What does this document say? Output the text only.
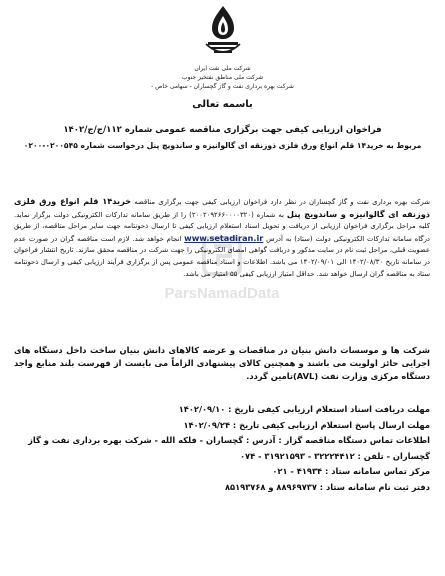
شرکت ملی نفت ایران
شرکت ملی مناطق نفتخیز جنوب
شرکت بهره برداری نفت و گاز گچساران - سهامی خاص -
باسمه تعالی
فراخوان ارزیابی کیفی جهت برگزاری مناقصه عمومی شماره ۱۱۲/ج/ج/۱۴۰۲
مربوط به خرید۱۴ قلم انواع ورق فلزی ذوزنقه ای گالوانیزه و ساندویچ پنل درخواست شماره ۰۲۰۰۵۴۵-۰۲۰۰
ParsNamadData
شرکت بهره برداری نفت و گاز گچساران در نظر دارد فراخوان ارزیابی کیفی جهت برگزاری مناقصه خرید۱۴ قلم انواع ورق فلزی ذوزنقه ای گالوانیزه و ساندویچ پنل به شماره (۲۰۰۲۰۹۲۶۶۰۰۰۰۳۲۰) را از طریق سامانه تدارکات الکترونیکی دولت برگزار نماید. کلیه مراحل برگزاری فراخوان ارزیابی از دریافت و تحویل اسناد استعلام ارزیابی کیفی تا ارسال ذحونتامه جهت سایر مراحل مناقصه، از طریق درگاه سامانه تدارکات الکترونیکی دولت (ستاد) به آدرس www.setadiran.ir انجام خواهد شد. لازم است مناقصه گران در صورت عدم عضویت قبلی، مراحل ثبت نام در سایت مذکور و دریافت گواهی امضای الکترونیکی را جهت شرکت در مناقصه محقق سازند. تاریخ انتشار فراخوان در سامانه تاریخ ۱۴۰۲/۰۸/۳۰ الی ۱۴۰۲/۰۹/۰۱ می باشد. اطلاعات و اسناد مناقصه عمومی پس از برگزاری فرآیند ارزیابی کیفی و ارسال ذحونتامه ستاد به مناقصه گران ارسال خواهد شد. حداقل امتیاز ارزیابی کیفی ۵۵ امتیاز می باشد.
شرکت ها و موسسات دانش بنیان در مناقصات و عرضه کالاهای دانش بنیان ساخت داخل دستگاه های اجرایی حائز اولویت می باشند و همچنین کالای پیشنهادی الزاماً می بایست از فهرست بلند منابع واجد دستگاه مرکزی وزارت نفت (AVL)تامین گردد.
مهلت دریافت اسناد استعلام ارزیابی کیفی تاریخ : ۱۴۰۲/۰۹/۱۰
مهلت ارسال پاسخ استعلام ارزیابی کیفی تاریخ : ۱۴۰۲/۰۹/۲۴
اطلاعات تماس دستگاه مناقصه گزار : آدرس : گچساران - فلکه الله - شرکت بهره برداری نفت و گاز
گچساران - تلفن : ۳۲۲۲۴۴۱۲ - ۳۱۹۲۱۵۹۳ - ۰۷۴
مرکز تماس سامانه ستاد : ۴۱۹۳۴ - ۰۲۱
دفتر ثبت نام سامانه ستاد : ۸۸۹۶۹۷۳۷ و ۸۵۱۹۳۷۶۸
